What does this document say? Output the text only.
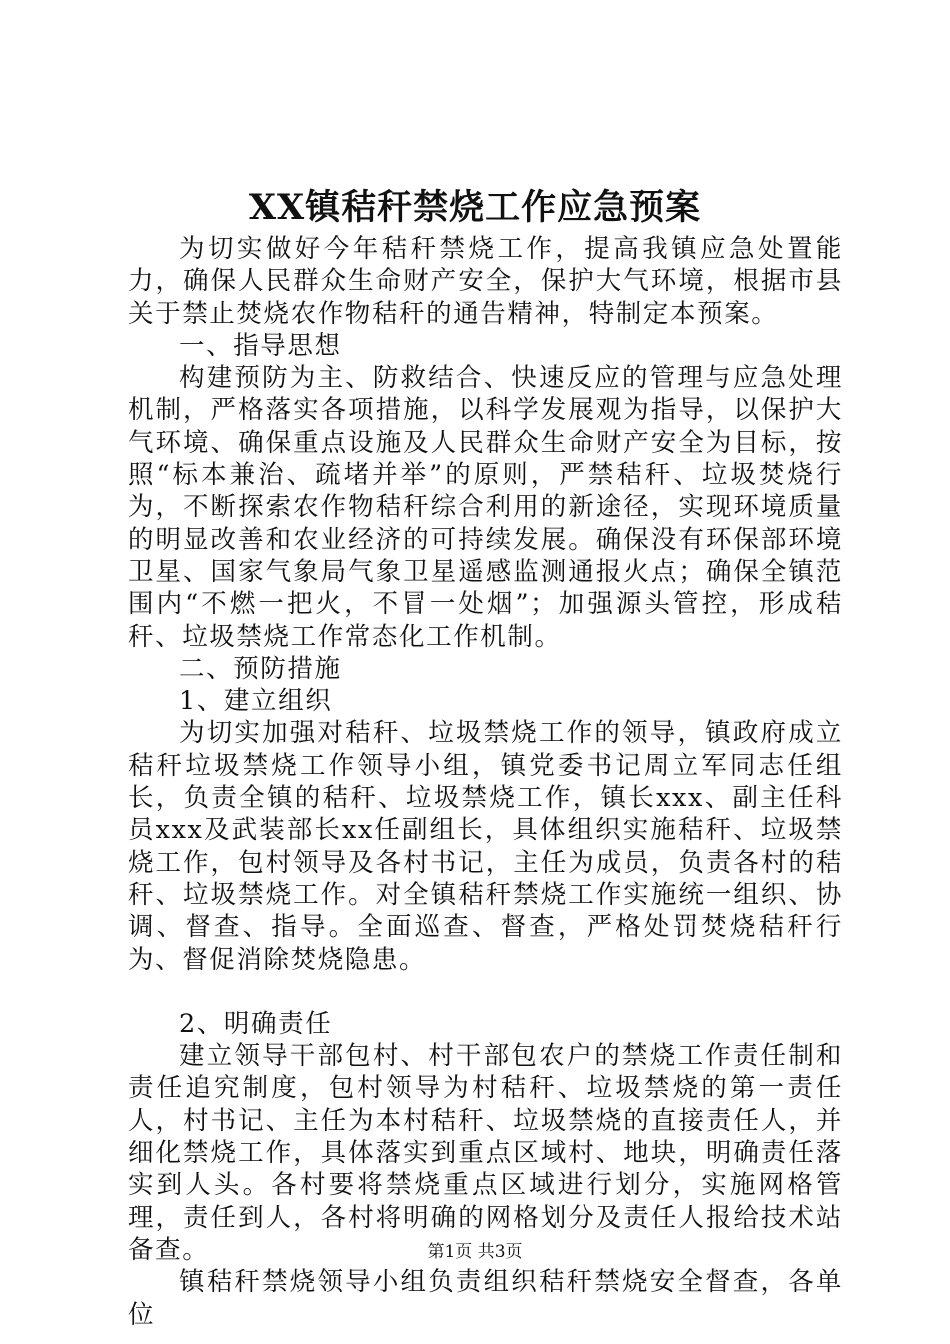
XX镇秸秆禁烧工作应急预案

为切实做好今年秸秆禁烧工作，提高我镇应急处置能力，确保人民群众生命财产安全，保护大气环境，根据市县关于禁止焚烧农作物秸秆的通告精神，特制定本预案。

一、指导思想

构建预防为主、防救结合、快速反应的管理与应急处理机制，严格落实各项措施，以科学发展观为指导，以保护大气环境、确保重点设施及人民群众生命财产安全为目标，按照“标本兼治、疏堵并举”的原则，严禁秸秆、垃圾焚烧行为，不断探索农作物秸秆综合利用的新途径，实现环境质量的明显改善和农业经济的可持续发展。确保没有环保部环境卫星、国家气象局气象卫星遥感监测通报火点；确保全镇范围内“不燃一把火，不冒一处烟”；加强源头管控，形成秸秆、垃圾禁烧工作常态化工作机制。

二、预防措施

1、建立组织

为切实加强对秸秆、垃圾禁烧工作的领导，镇政府成立秸秆垃圾禁烧工作领导小组，镇党委书记周立军同志任组长，负责全镇的秸秆、垃圾禁烧工作，镇长xxx、副主任科员xxx及武装部长xx任副组长，具体组织实施秸秆、垃圾禁烧工作，包村领导及各村书记，主任为成员，负责各村的秸秆、垃圾禁烧工作。对全镇秸秆禁烧工作实施统一组织、协调、督查、指导。全面巡查、督查，严格处罚焚烧秸秆行为、督促消除焚烧隐患。

2、明确责任

建立领导干部包村、村干部包农户的禁烧工作责任制和责任追究制度，包村领导为村秸秆、垃圾禁烧的第一责任人，村书记、主任为本村秸秆、垃圾禁烧的直接责任人，并细化禁烧工作，具体落实到重点区域村、地块，明确责任落实到人头。各村要将禁烧重点区域进行划分，实施网格管理，责任到人，各村将明确的网格划分及责任人报给技术站备查。

镇秸秆禁烧领导小组负责组织秸秆禁烧安全督查，各单位

第1页 共3页
